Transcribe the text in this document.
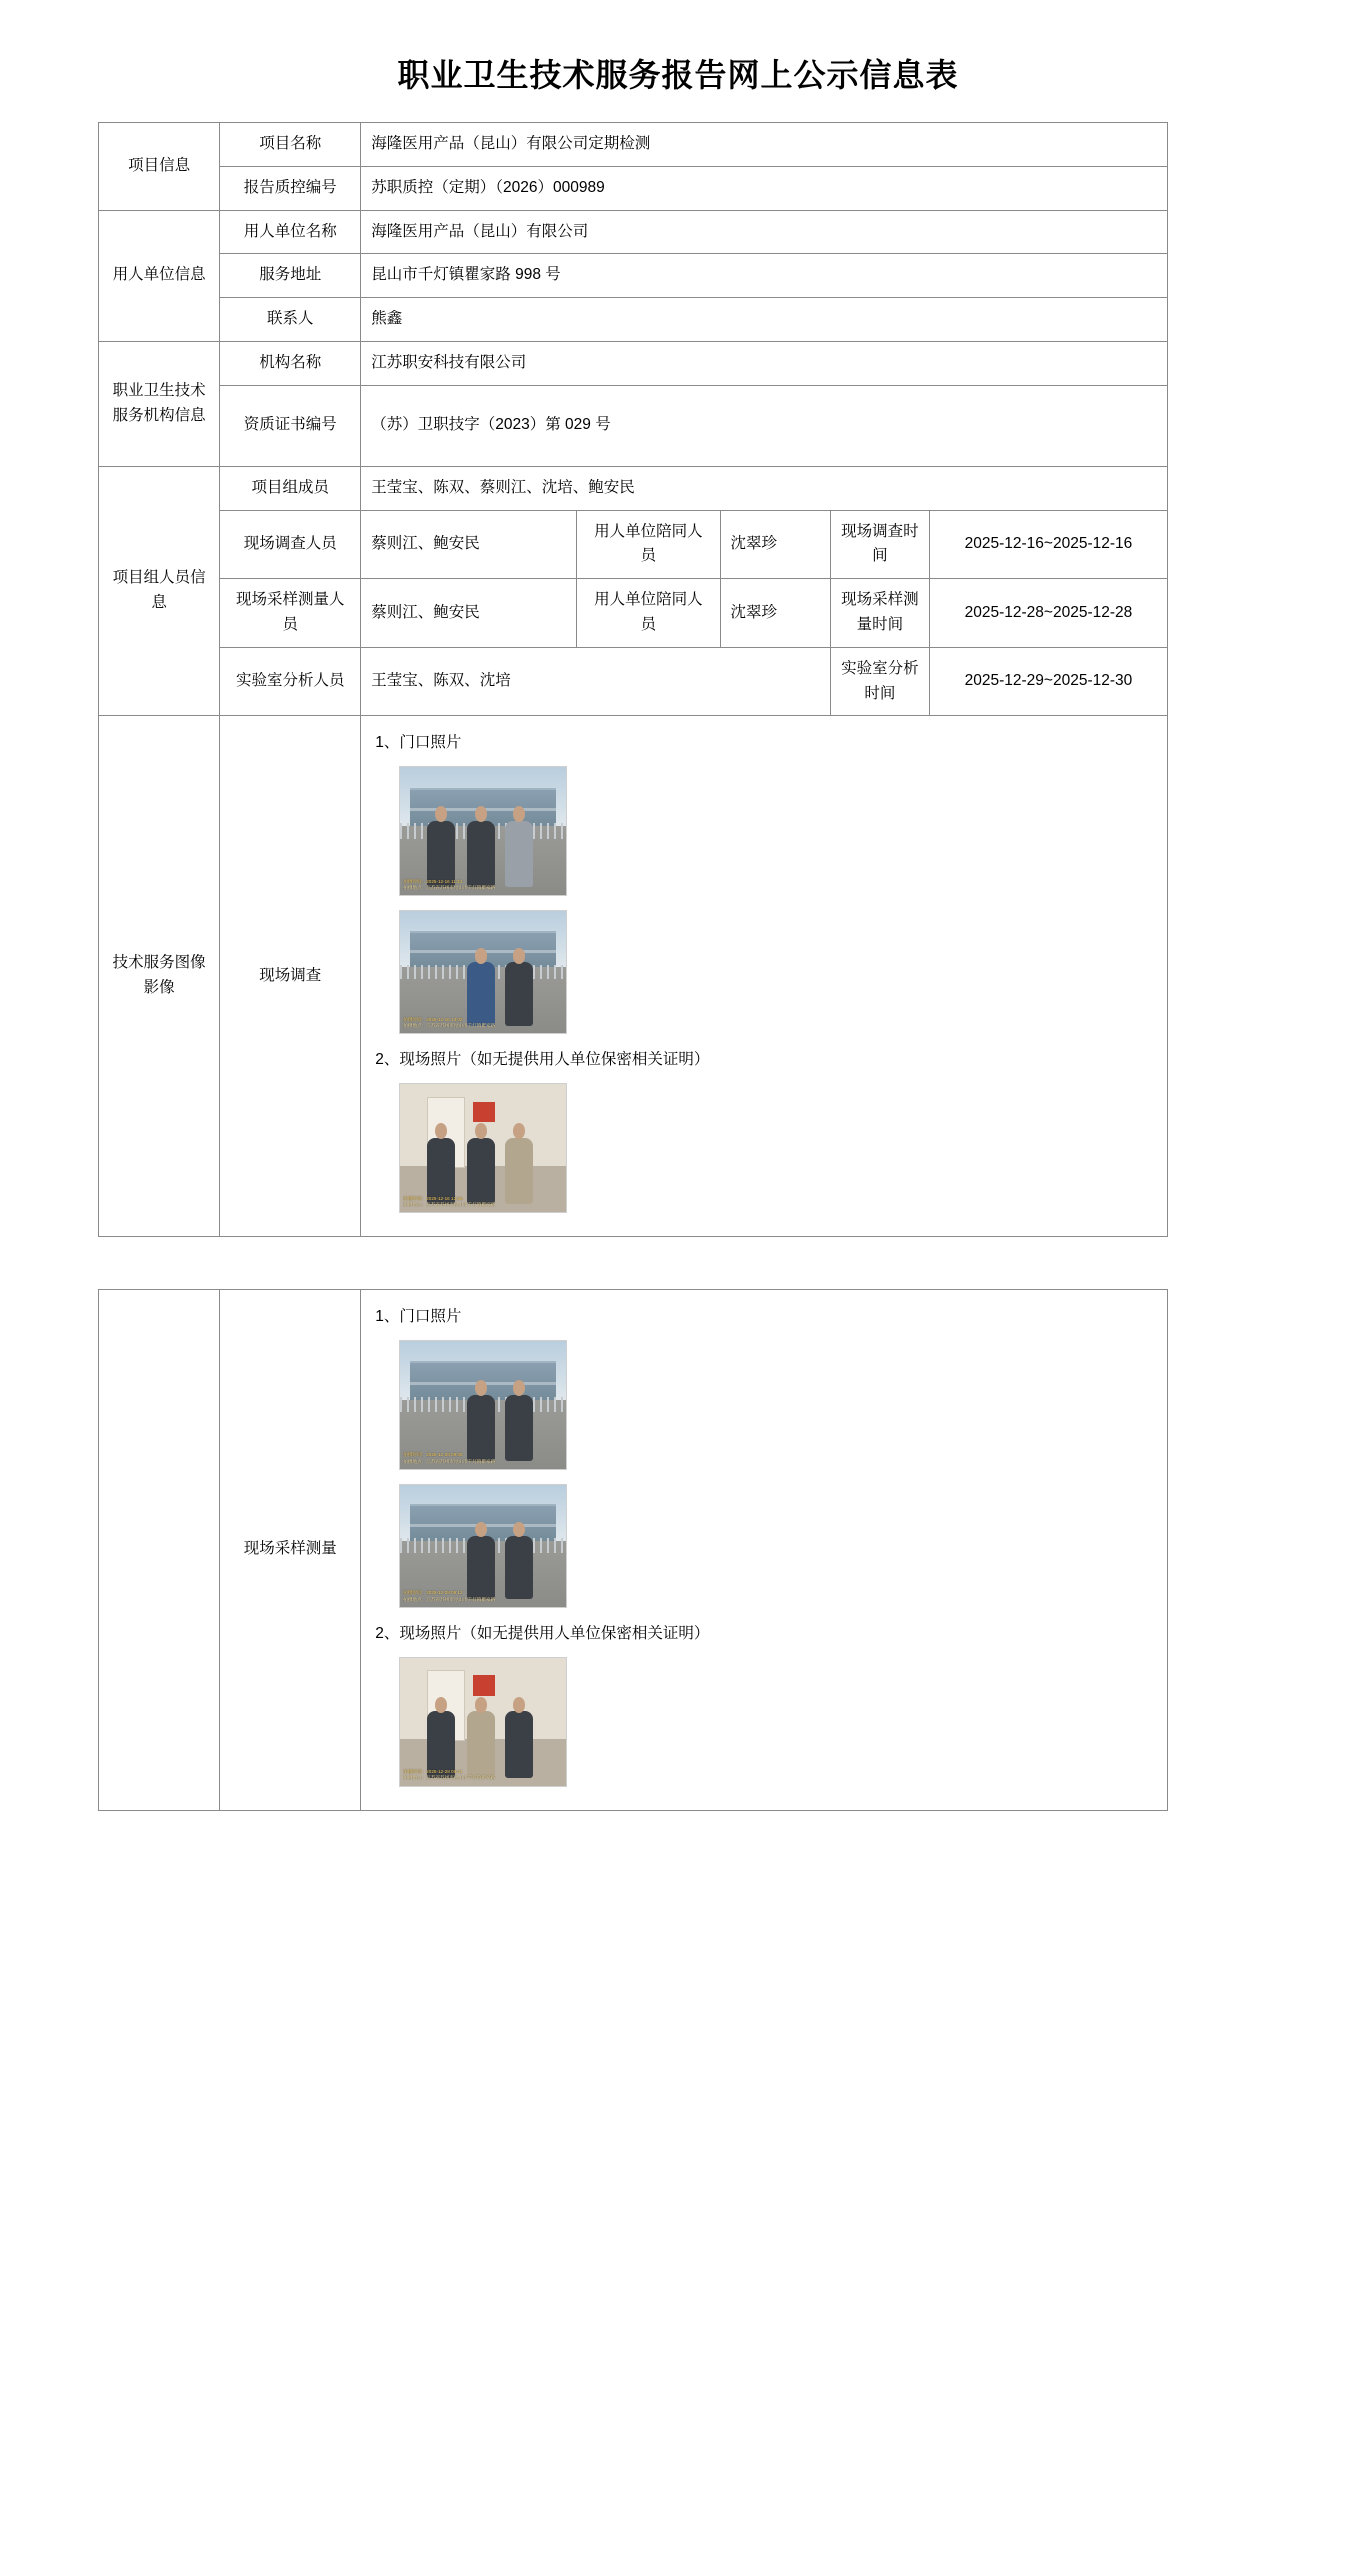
职业卫生技术服务报告网上公示信息表
项目信息	项目名称	海隆医用产品（昆山）有限公司定期检测				
	报告质控编号	苏职质控（定期）（2026）000989				
用人单位信息	用人单位名称	海隆医用产品（昆山）有限公司				
	服务地址	昆山市千灯镇瞿家路 998 号				
	联系人	熊鑫				
职业卫生技术服务机构信息	机构名称	江苏职安科技有限公司				
	资质证书编号	（苏）卫职技字（2023）第 029 号				
项目组人员信息	项目组成员	王莹宝、陈双、蔡则江、沈培、鲍安民				
	现场调查人员	蔡则江、鲍安民	用人单位陪同人员	沈翠珍	现场调查时间	2025-12-16~2025-12-16
	现场采样测量人员	蔡则江、鲍安民	用人单位陪同人员	沈翠珍	现场采样测量时间	2025-12-28~2025-12-28
	实验室分析人员	王莹宝、陈双、沈培			实验室分析时间	2025-12-29~2025-12-30
技术服务图像影像	现场调查	
1、门口照片
拍摄时间：2025-12-16 11:34
拍摄地点：江苏省苏州市昆山市千灯镇瞿家路
拍摄时间：2025-12-16 13:02
拍摄地点：江苏省苏州市昆山市千灯镇瞿家路
2、现场照片（如无提供用人单位保密相关证明）
拍摄时间：2025-12-16 13:36
拍摄地点：江苏省苏州市昆山市千灯镇瞿家路
	现场采样测量	
1、门口照片
拍摄时间：2025-12-28 09:05
拍摄地点：江苏省苏州市昆山市千灯镇瞿家路
拍摄时间：2025-12-28 09:12
拍摄地点：江苏省苏州市昆山市千灯镇瞿家路
2、现场照片（如无提供用人单位保密相关证明）
拍摄时间：2025-12-28 09:41
拍摄地点：江苏省苏州市昆山市千灯镇瞿家路
